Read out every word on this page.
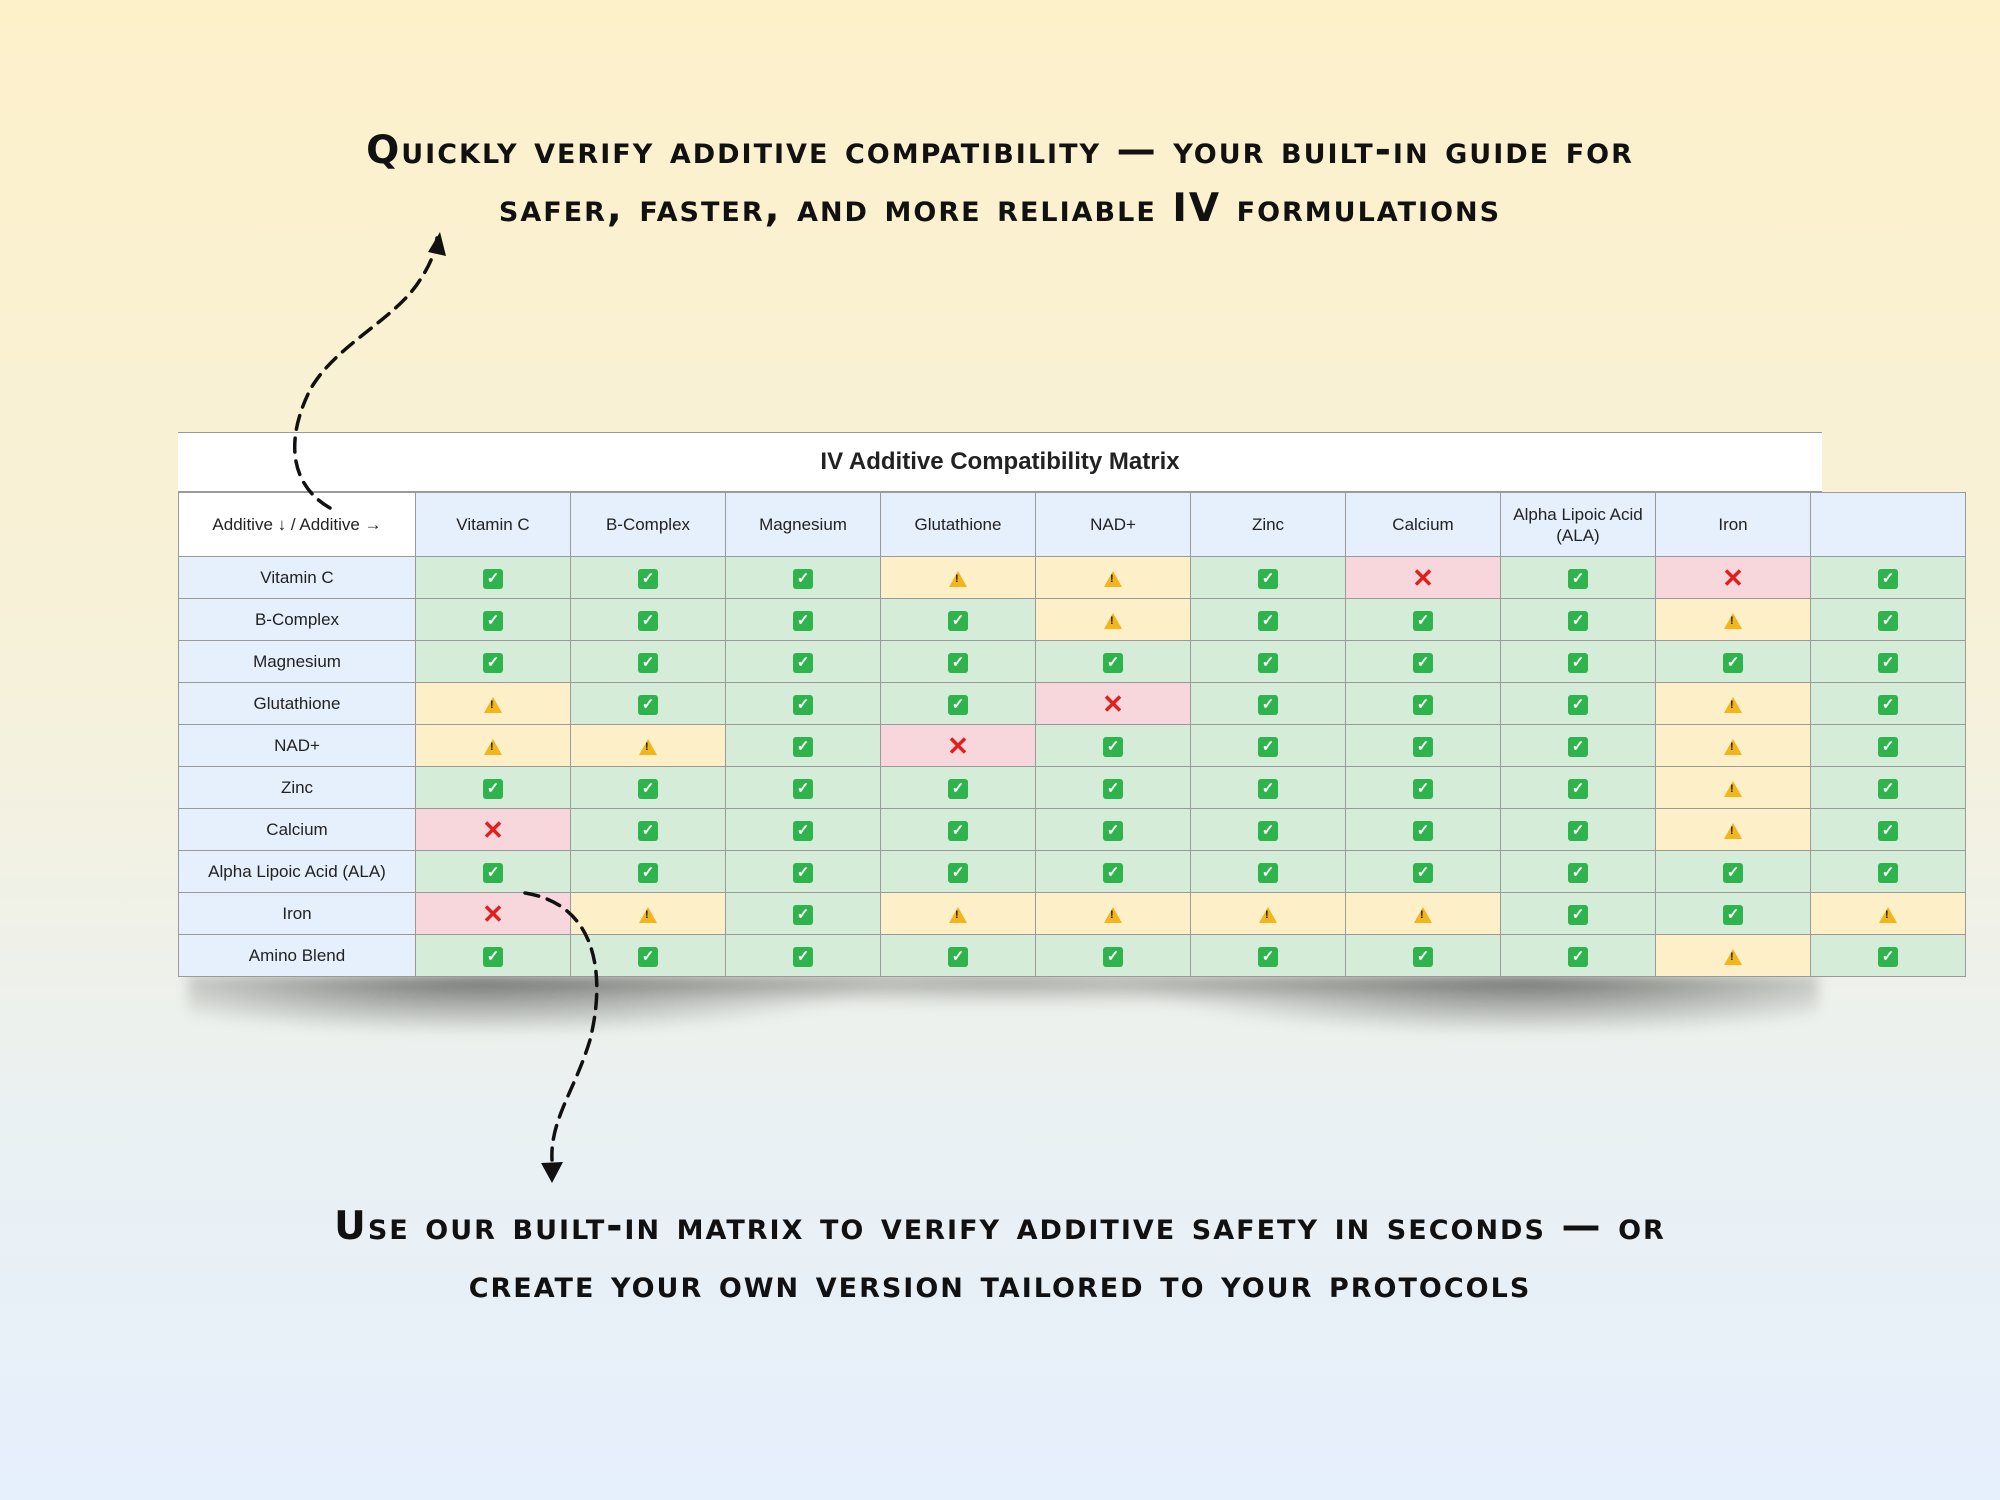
Quickly verify additive compatibility — your built-in guide for
safer, faster, and more reliable IV formulations
IV Additive Compatibility Matrix
Additive ↓ / Additive →	Vitamin C	B-Complex	Magnesium	Glutathione	NAD+	Zinc	Calcium	Alpha Lipoic Acid (ALA)	Iron	
Vitamin C	✓	✓	✓	!	!	✓	✕	✓	✕	✓
B-Complex	✓	✓	✓	✓	!	✓	✓	✓	!	✓
Magnesium	✓	✓	✓	✓	✓	✓	✓	✓	✓	✓
Glutathione	!	✓	✓	✓	✕	✓	✓	✓	!	✓
NAD+	!	!	✓	✕	✓	✓	✓	✓	!	✓
Zinc	✓	✓	✓	✓	✓	✓	✓	✓	!	✓
Calcium	✕	✓	✓	✓	✓	✓	✓	✓	!	✓
Alpha Lipoic Acid (ALA)	✓	✓	✓	✓	✓	✓	✓	✓	✓	✓
Iron	✕	!	✓	!	!	!	!	✓	✓	!
Amino Blend	✓	✓	✓	✓	✓	✓	✓	✓	!	✓
Use our built-in matrix to verify additive safety in seconds — or
create your own version tailored to your protocols
